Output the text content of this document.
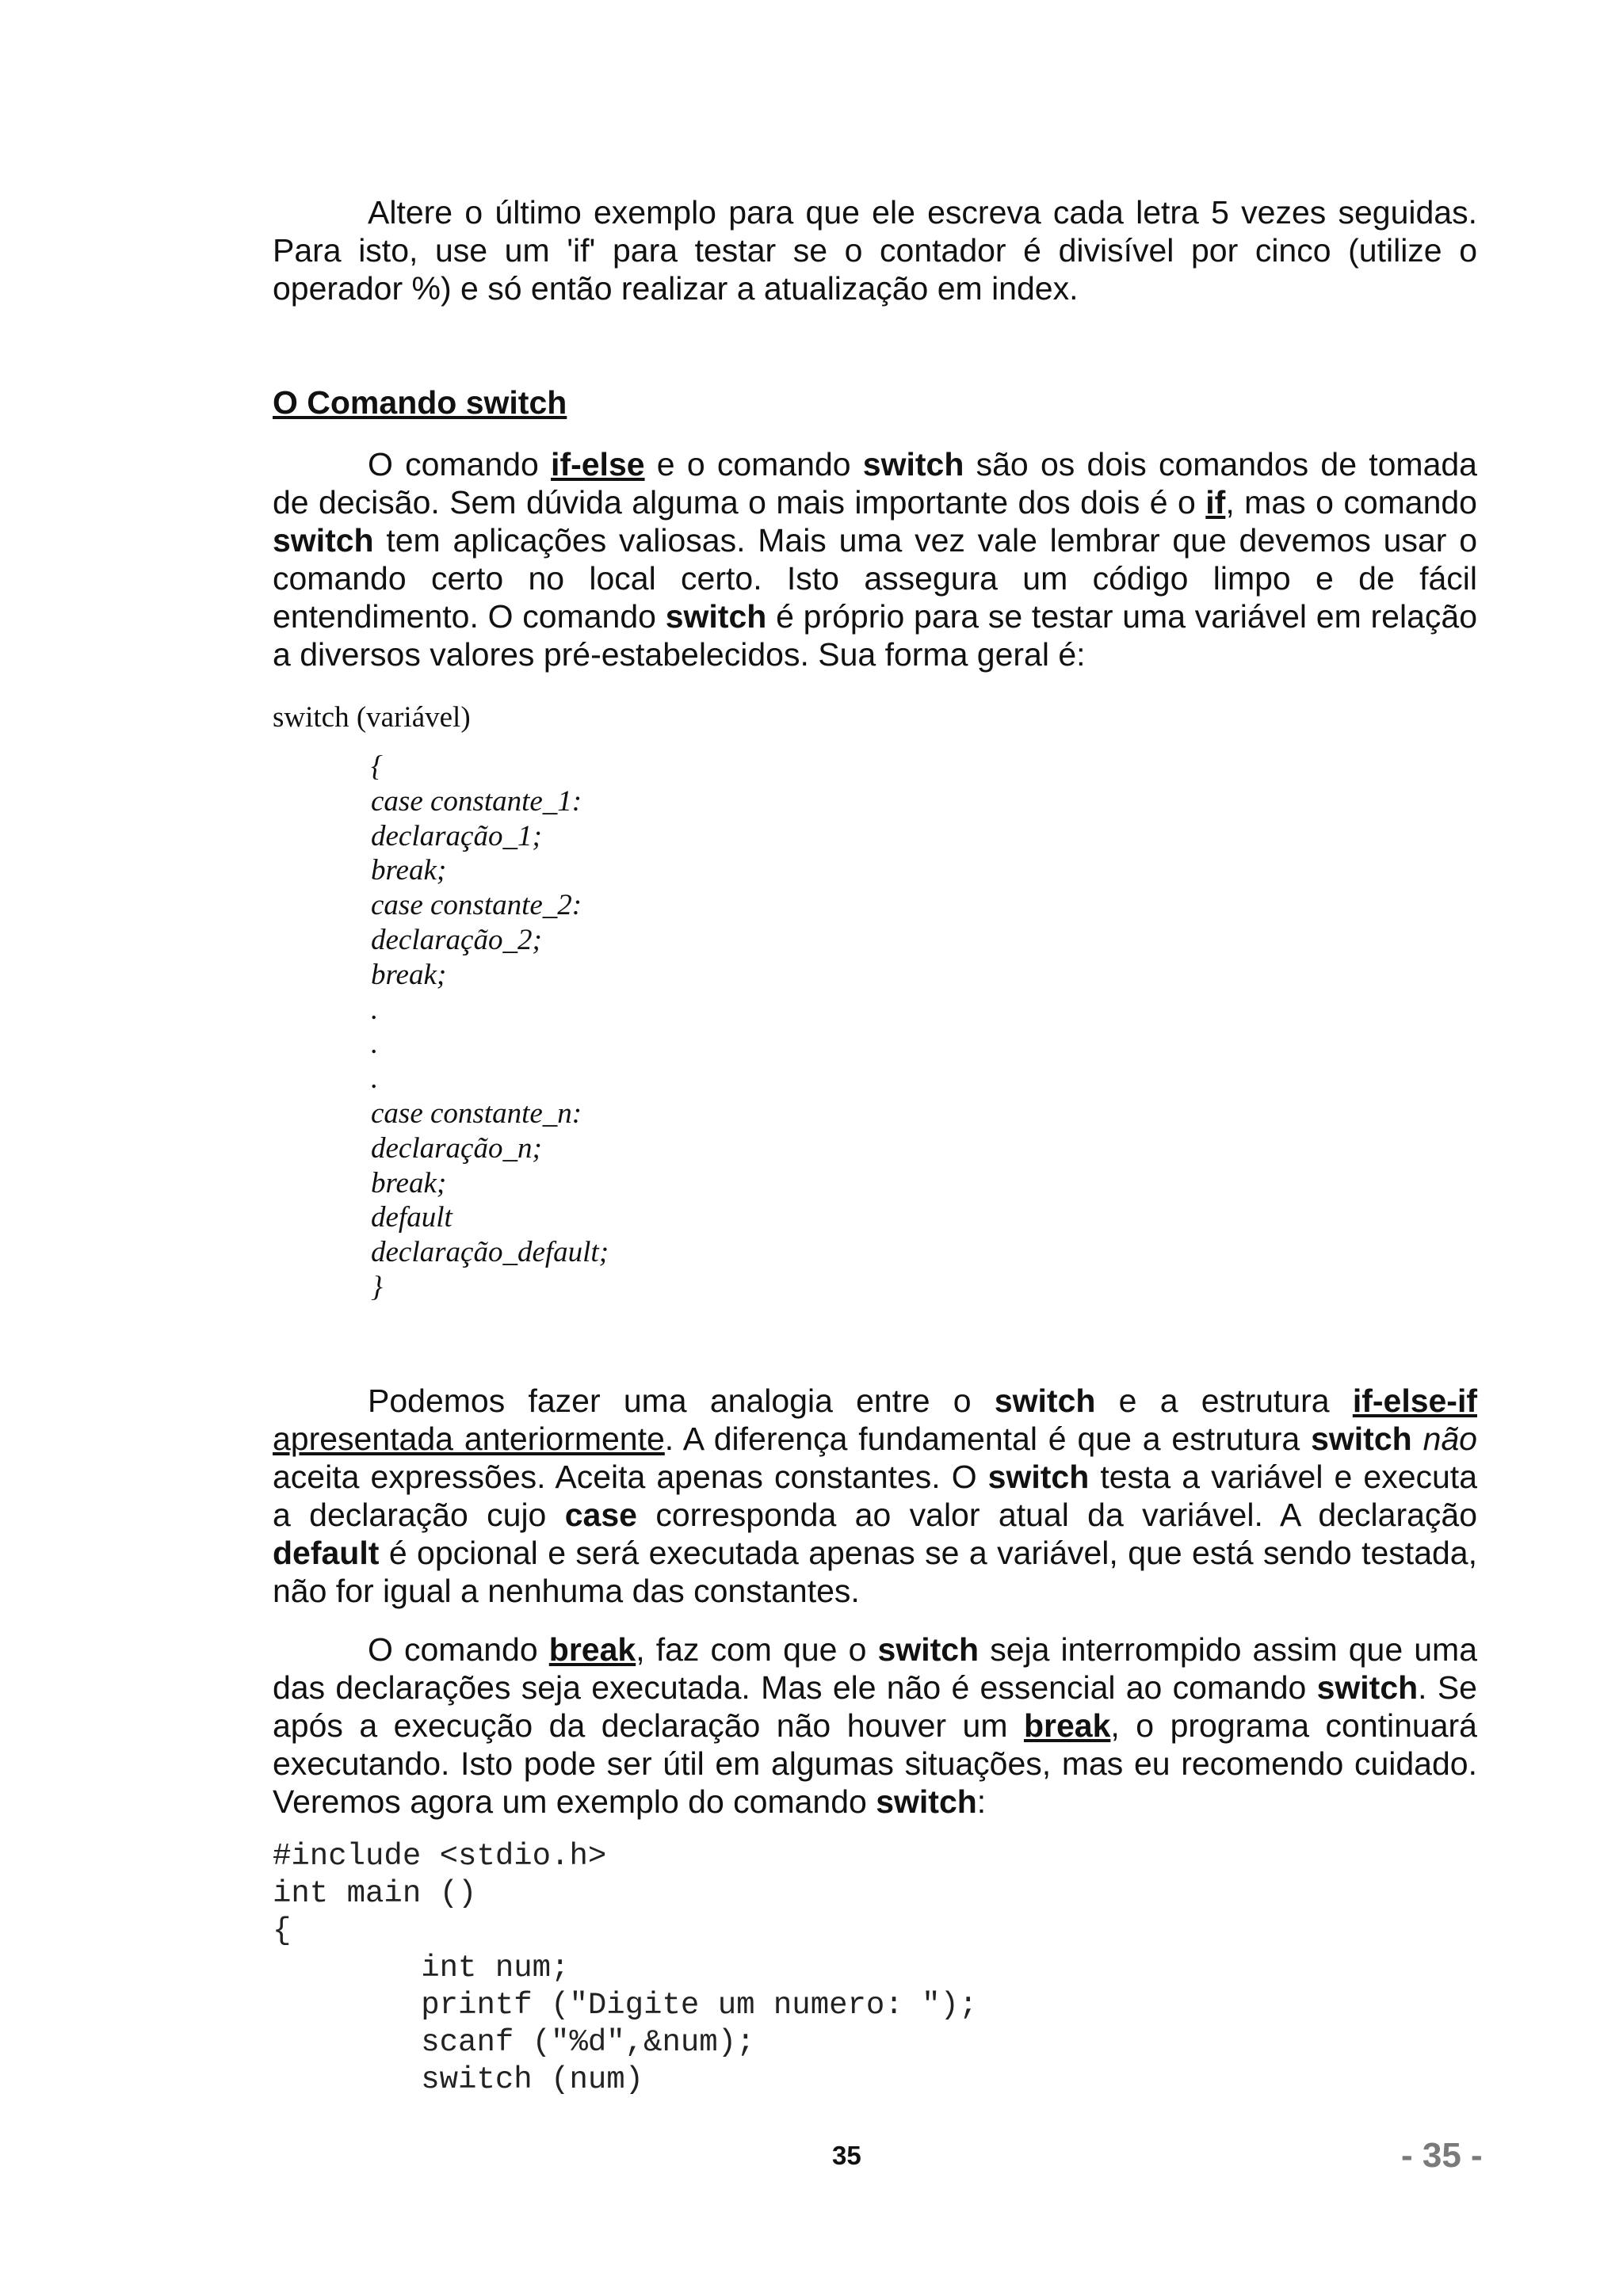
Altere o último exemplo para que ele escreva cada letra 5 vezes seguidas. Para isto, use um 'if' para testar se o contador é divisível por cinco (utilize o operador %) e só então realizar a atualização em index.

O Comando switch

O comando if-else e o comando switch são os dois comandos de tomada de decisão. Sem dúvida alguma o mais importante dos dois é o if, mas o comando switch tem aplicações valiosas. Mais uma vez vale lembrar que devemos usar o comando certo no local certo. Isto assegura um código limpo e de fácil entendimento. O comando switch é próprio para se testar uma variável em relação a diversos valores pré-estabelecidos. Sua forma geral é:

switch (variável)
{
case constante_1:
declaração_1;
break;
case constante_2:
declaração_2;
break;
.
.
.
case constante_n:
declaração_n;
break;
default
declaração_default;
}

Podemos fazer uma analogia entre o switch e a estrutura if-else-if apresentada anteriormente. A diferença fundamental é que a estrutura switch não aceita expressões. Aceita apenas constantes. O switch testa a variável e executa a declaração cujo case corresponda ao valor atual da variável. A declaração default é opcional e será executada apenas se a variável, que está sendo testada, não for igual a nenhuma das constantes.

O comando break, faz com que o switch seja interrompido assim que uma das declarações seja executada. Mas ele não é essencial ao comando switch. Se após a execução da declaração não houver um break, o programa continuará executando. Isto pode ser útil em algumas situações, mas eu recomendo cuidado. Veremos agora um exemplo do comando switch:

#include <stdio.h>
int main ()
{
int num;
printf ("Digite um numero: ");
scanf ("%d",&num);
switch (num)
35	- 35 -
